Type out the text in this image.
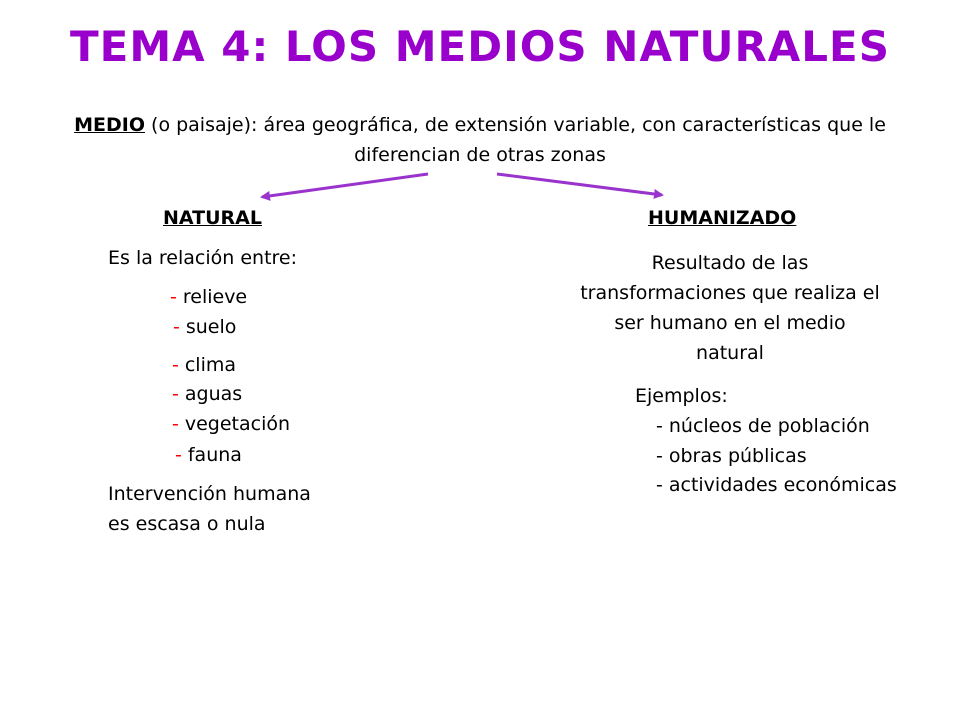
TEMA 4: LOS MEDIOS NATURALES
MEDIO (o paisaje): área geográfica, de extensión variable, con características que le diferencian de otras zonas
NATURAL
Es la relación entre:
- relieve
- suelo
- clima
- aguas
- vegetación
- fauna
Intervención humana
es escasa o nula
HUMANIZADO
Resultado de las transformaciones que realiza el ser humano en el medio natural
Ejemplos:
- núcleos de población
- obras públicas
- actividades económicas
